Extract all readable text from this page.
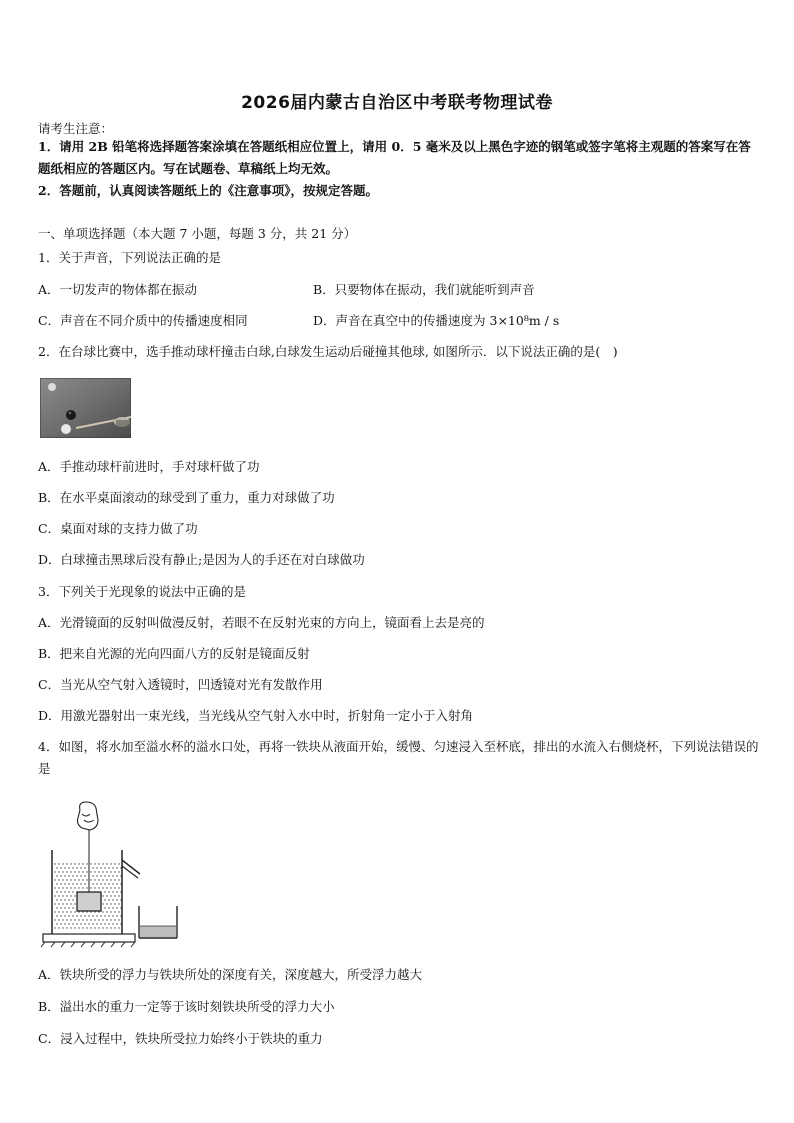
2026届内蒙古自治区中考联考物理试卷
请考生注意：
1．请用 2B 铅笔将选择题答案涂填在答题纸相应位置上，请用 0．5 毫米及以上黑色字迹的钢笔或签字笔将主观题的答案写在答题纸相应的答题区内。写在试题卷、草稿纸上均无效。
2．答题前，认真阅读答题纸上的《注意事项》，按规定答题。
一、单项选择题（本大题 7 小题，每题 3 分，共 21 分）
1．关于声音，下列说法正确的是
A．一切发声的物体都在振动	B．只要物体在振动，我们就能听到声音
C．声音在不同介质中的传播速度相同	D．声音在真空中的传播速度为 3×10⁸m / s
2．在台球比赛中，选手推动球杆撞击白球,白球发生运动后碰撞其他球, 如图所示．以下说法正确的是(　)
A．手推动球杆前进时，手对球杆做了功
B．在水平桌面滚动的球受到了重力，重力对球做了功
C．桌面对球的支持力做了功
D．白球撞击黑球后没有静止;是因为人的手还在对白球做功
3．下列关于光现象的说法中正确的是
A．光滑镜面的反射叫做漫反射，若眼不在反射光束的方向上，镜面看上去是亮的
B．把来自光源的光向四面八方的反射是镜面反射
C．当光从空气射入透镜时，凹透镜对光有发散作用
D．用激光器射出一束光线，当光线从空气射入水中时，折射角一定小于入射角
4．如图，将水加至溢水杯的溢水口处，再将一铁块从液面开始，缓慢、匀速浸入至杯底，排出的水流入右侧烧杯，下列说法错误的是
A．铁块所受的浮力与铁块所处的深度有关，深度越大，所受浮力越大
B．溢出水的重力一定等于该时刻铁块所受的浮力大小
C．浸入过程中，铁块所受拉力始终小于铁块的重力
